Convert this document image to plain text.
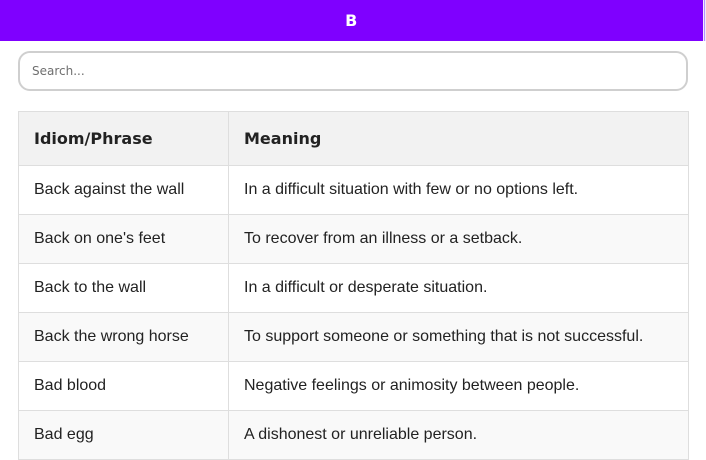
B
Search...
Idiom/Phrase	Meaning
Back against the wall	In a difficult situation with few or no options left.
Back on one's feet	To recover from an illness or a setback.
Back to the wall	In a difficult or desperate situation.
Back the wrong horse	To support someone or something that is not successful.
Bad blood	Negative feelings or animosity between people.
Bad egg	A dishonest or unreliable person.
